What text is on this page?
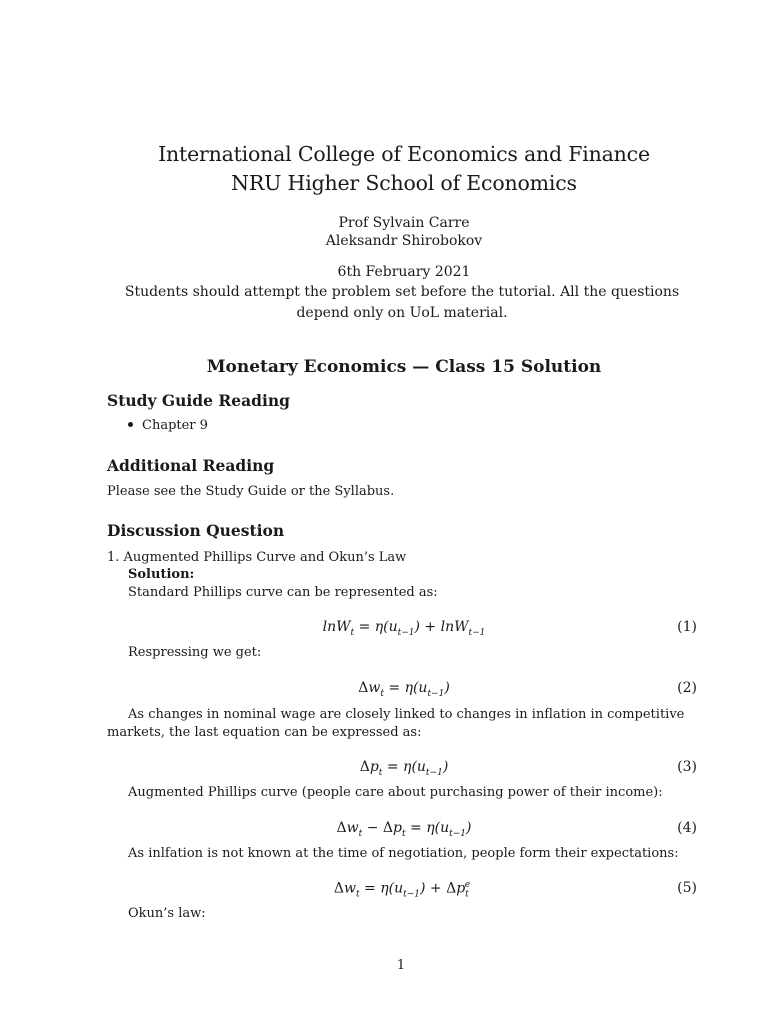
International College of Economics and Finance
NRU Higher School of Economics
Prof Sylvain Carre
Aleksandr Shirobokov
6th February 2021
Students should attempt the problem set before the tutorial. All the questions depend only on UoL material.
Monetary Economics — Class 15 Solution
Study Guide Reading
Chapter 9
Additional Reading
Please see the Study Guide or the Syllabus.
Discussion Question
1. Augmented Phillips Curve and Okun’s Law
Solution:
Standard Phillips curve can be represented as:
$\ln W_t = \eta(u_{t-1}) + \ln W_{t-1}$	(1)
Respressing we get:
$\Delta w_t = \eta(u_{t-1})$	(2)
As changes in nominal wage are closely linked to changes in inflation in competitive markets, the last equation can be expressed as:
$\Delta p_t = \eta(u_{t-1})$	(3)
Augmented Phillips curve (people care about purchasing power of their income):
$\Delta w_t - \Delta p_t = \eta(u_{t-1})$	(4)
As inlfation is not known at the time of negotiation, people form their expectations:
$\Delta w_t = \eta(u_{t-1}) + \Delta p_t^e$	(5)
Okun’s law:
1
